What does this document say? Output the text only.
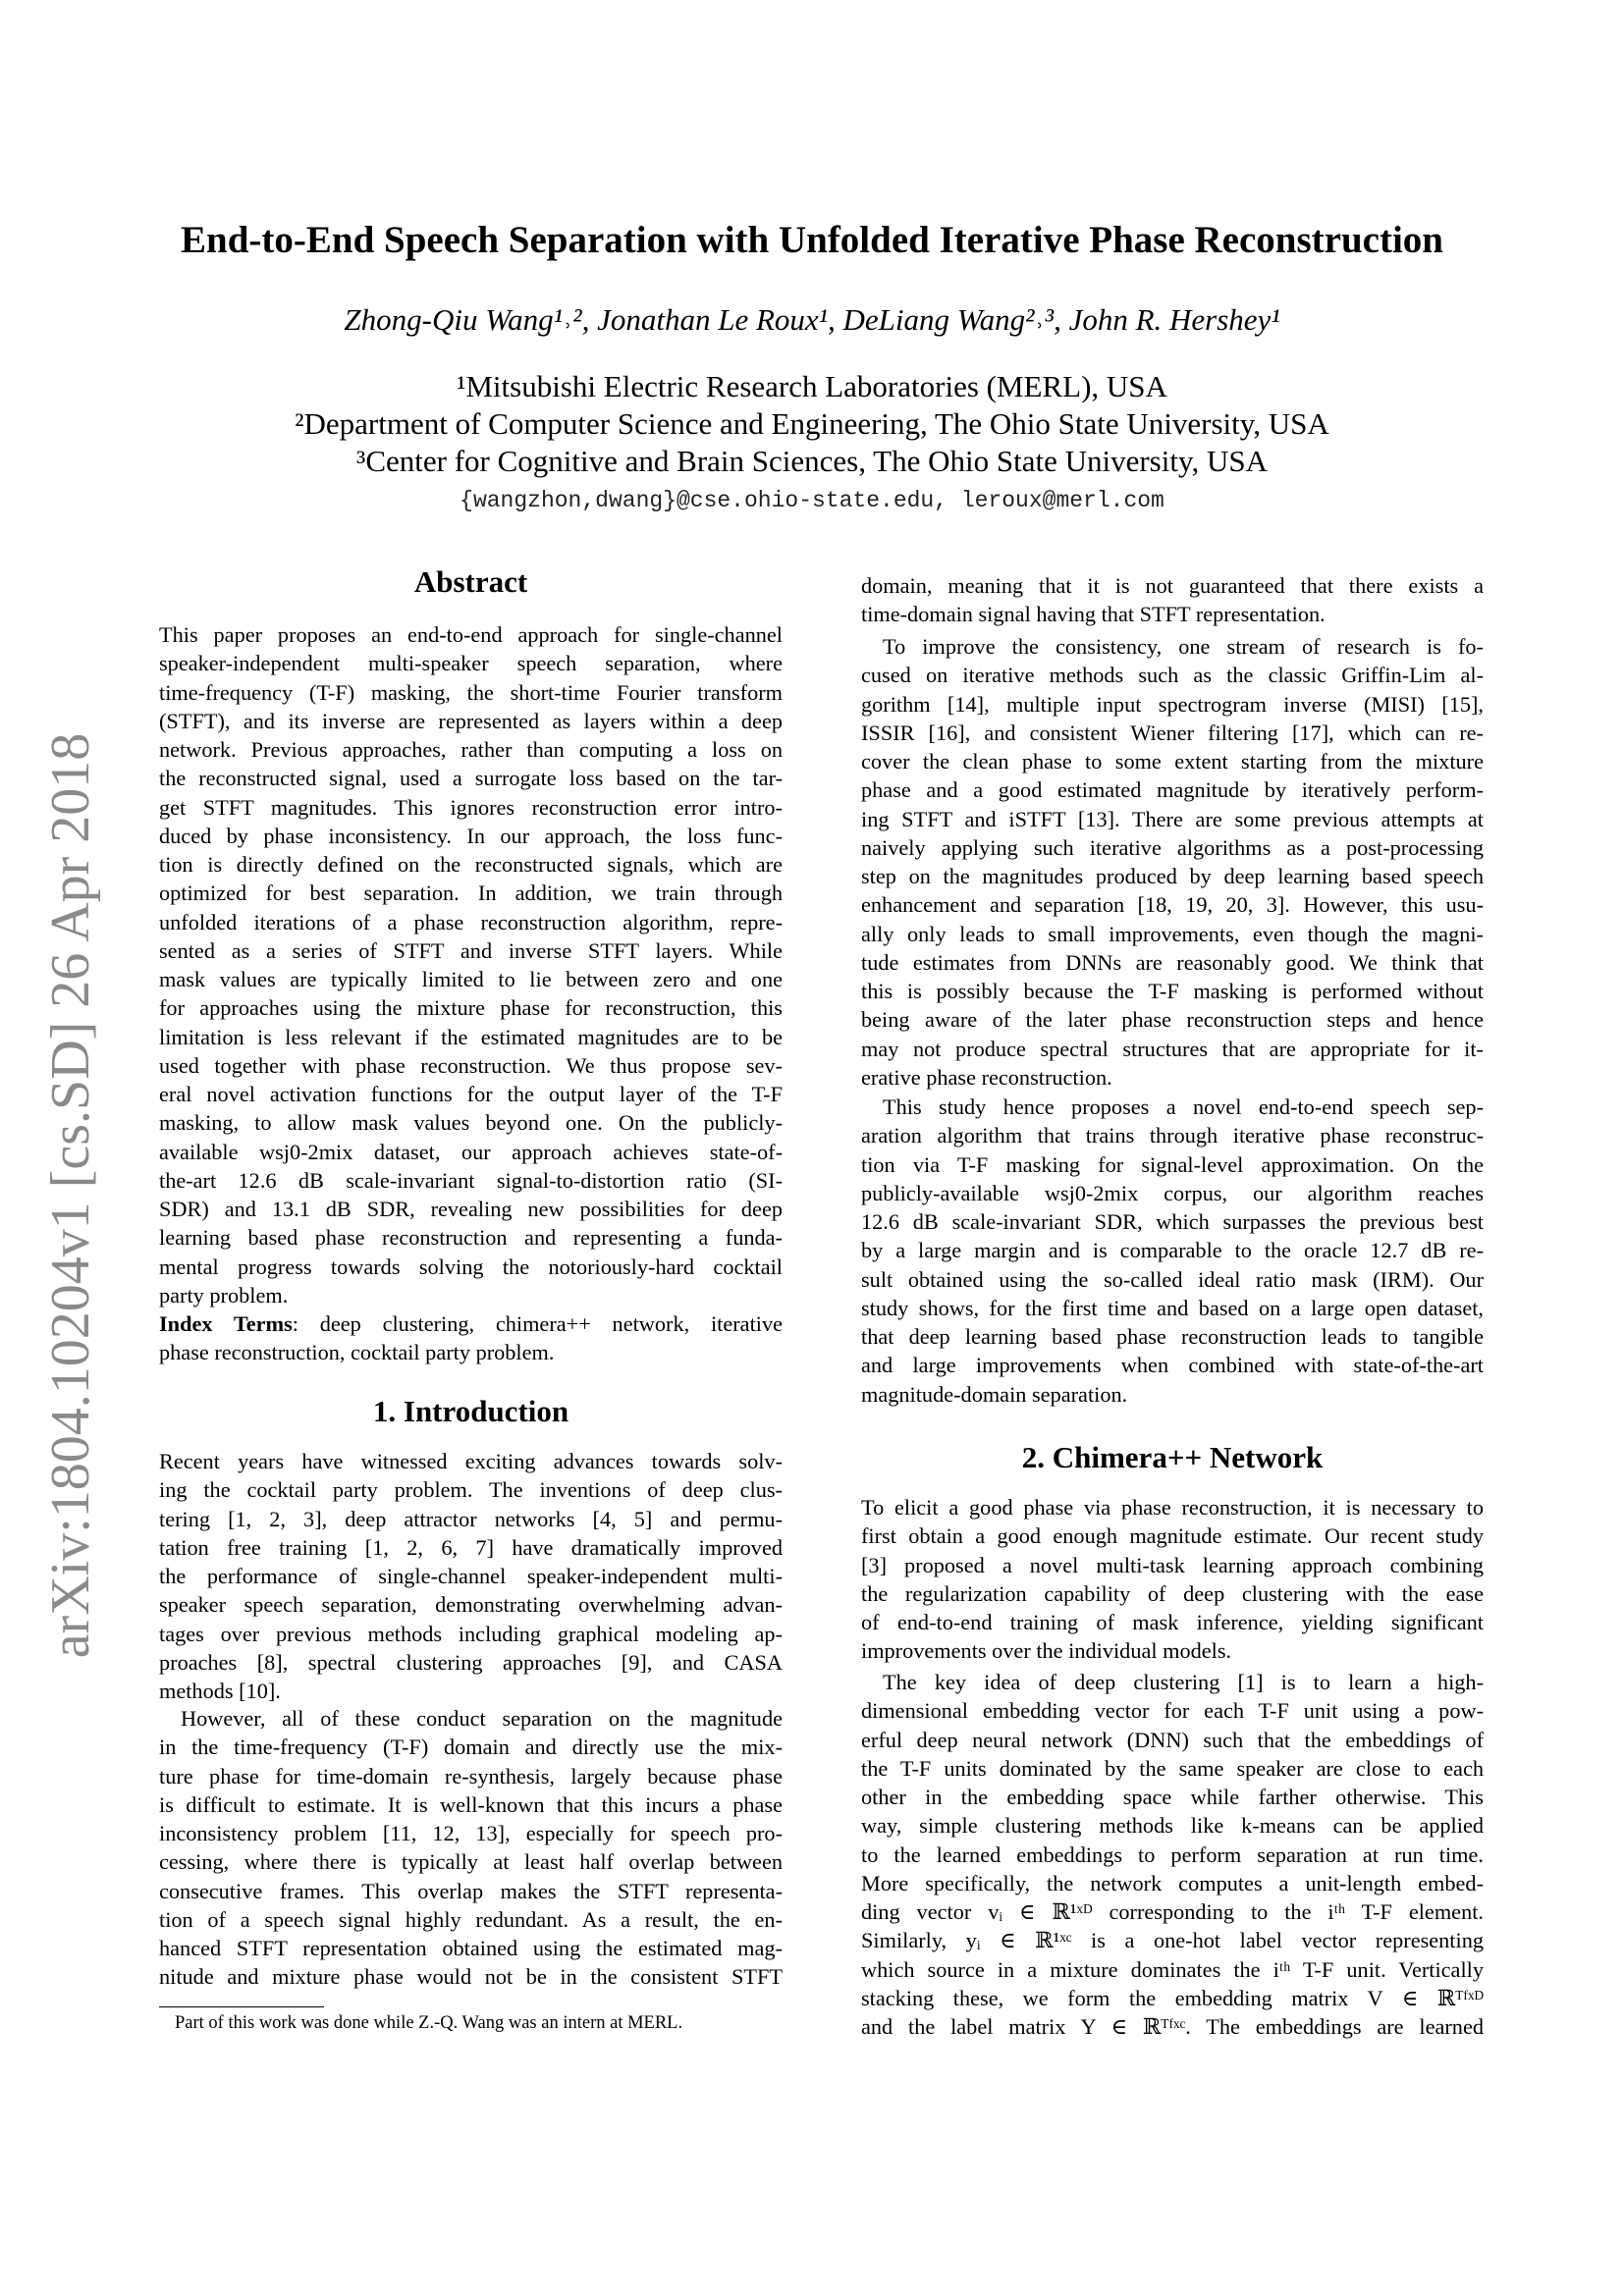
arXiv:1804.10204v1 [cs.SD] 26 Apr 2018
End-to-End Speech Separation with Unfolded Iterative Phase Reconstruction
Zhong-Qiu Wang¹˒², Jonathan Le Roux¹, DeLiang Wang²˒³, John R. Hershey¹
¹Mitsubishi Electric Research Laboratories (MERL), USA
²Department of Computer Science and Engineering, The Ohio State University, USA
³Center for Cognitive and Brain Sciences, The Ohio State University, USA
{wangzhon,dwang}@cse.ohio-state.edu, leroux@merl.com
Abstract
This paper proposes an end-to-end approach for single-channel
speaker-independent multi-speaker speech separation, where
time-frequency (T-F) masking, the short-time Fourier transform
(STFT), and its inverse are represented as layers within a deep
network. Previous approaches, rather than computing a loss on
the reconstructed signal, used a surrogate loss based on the tar-
get STFT magnitudes. This ignores reconstruction error intro-
duced by phase inconsistency. In our approach, the loss func-
tion is directly defined on the reconstructed signals, which are
optimized for best separation. In addition, we train through
unfolded iterations of a phase reconstruction algorithm, repre-
sented as a series of STFT and inverse STFT layers. While
mask values are typically limited to lie between zero and one
for approaches using the mixture phase for reconstruction, this
limitation is less relevant if the estimated magnitudes are to be
used together with phase reconstruction. We thus propose sev-
eral novel activation functions for the output layer of the T-F
masking, to allow mask values beyond one. On the publicly-
available wsj0-2mix dataset, our approach achieves state-of-
the-art 12.6 dB scale-invariant signal-to-distortion ratio (SI-
SDR) and 13.1 dB SDR, revealing new possibilities for deep
learning based phase reconstruction and representing a funda-
mental progress towards solving the notoriously-hard cocktail
party problem.
Index Terms: deep clustering, chimera++ network, iterative
phase reconstruction, cocktail party problem.
1. Introduction
Recent years have witnessed exciting advances towards solv-
ing the cocktail party problem. The inventions of deep clus-
tering [1, 2, 3], deep attractor networks [4, 5] and permu-
tation free training [1, 2, 6, 7] have dramatically improved
the performance of single-channel speaker-independent multi-
speaker speech separation, demonstrating overwhelming advan-
tages over previous methods including graphical modeling ap-
proaches [8], spectral clustering approaches [9], and CASA
methods [10].
However, all of these conduct separation on the magnitude
in the time-frequency (T-F) domain and directly use the mix-
ture phase for time-domain re-synthesis, largely because phase
is difficult to estimate. It is well-known that this incurs a phase
inconsistency problem [11, 12, 13], especially for speech pro-
cessing, where there is typically at least half overlap between
consecutive frames. This overlap makes the STFT representa-
tion of a speech signal highly redundant. As a result, the en-
hanced STFT representation obtained using the estimated mag-
nitude and mixture phase would not be in the consistent STFT
Part of this work was done while Z.-Q. Wang was an intern at MERL.
domain, meaning that it is not guaranteed that there exists a
time-domain signal having that STFT representation.
To improve the consistency, one stream of research is fo-
cused on iterative methods such as the classic Griffin-Lim al-
gorithm [14], multiple input spectrogram inverse (MISI) [15],
ISSIR [16], and consistent Wiener filtering [17], which can re-
cover the clean phase to some extent starting from the mixture
phase and a good estimated magnitude by iteratively perform-
ing STFT and iSTFT [13]. There are some previous attempts at
naively applying such iterative algorithms as a post-processing
step on the magnitudes produced by deep learning based speech
enhancement and separation [18, 19, 20, 3]. However, this usu-
ally only leads to small improvements, even though the magni-
tude estimates from DNNs are reasonably good. We think that
this is possibly because the T-F masking is performed without
being aware of the later phase reconstruction steps and hence
may not produce spectral structures that are appropriate for it-
erative phase reconstruction.
This study hence proposes a novel end-to-end speech sep-
aration algorithm that trains through iterative phase reconstruc-
tion via T-F masking for signal-level approximation. On the
publicly-available wsj0-2mix corpus, our algorithm reaches
12.6 dB scale-invariant SDR, which surpasses the previous best
by a large margin and is comparable to the oracle 12.7 dB re-
sult obtained using the so-called ideal ratio mask (IRM). Our
study shows, for the first time and based on a large open dataset,
that deep learning based phase reconstruction leads to tangible
and large improvements when combined with state-of-the-art
magnitude-domain separation.
2. Chimera++ Network
To elicit a good phase via phase reconstruction, it is necessary to
first obtain a good enough magnitude estimate. Our recent study
[3] proposed a novel multi-task learning approach combining
the regularization capability of deep clustering with the ease
of end-to-end training of mask inference, yielding significant
improvements over the individual models.
The key idea of deep clustering [1] is to learn a high-
dimensional embedding vector for each T-F unit using a pow-
erful deep neural network (DNN) such that the embeddings of
the T-F units dominated by the same speaker are close to each
other in the embedding space while farther otherwise. This
way, simple clustering methods like k-means can be applied
to the learned embeddings to perform separation at run time.
More specifically, the network computes a unit-length embed-
ding vector vᵢ ∈ ℝ¹ˣᴰ corresponding to the iᵗʰ T-F element.
Similarly, yᵢ ∈ ℝ¹ˣᶜ is a one-hot label vector representing
which source in a mixture dominates the iᵗʰ T-F unit. Vertically
stacking these, we form the embedding matrix V ∈ ℝᵀᶠˣᴰ
and the label matrix Y ∈ ℝᵀᶠˣᶜ. The embeddings are learned
